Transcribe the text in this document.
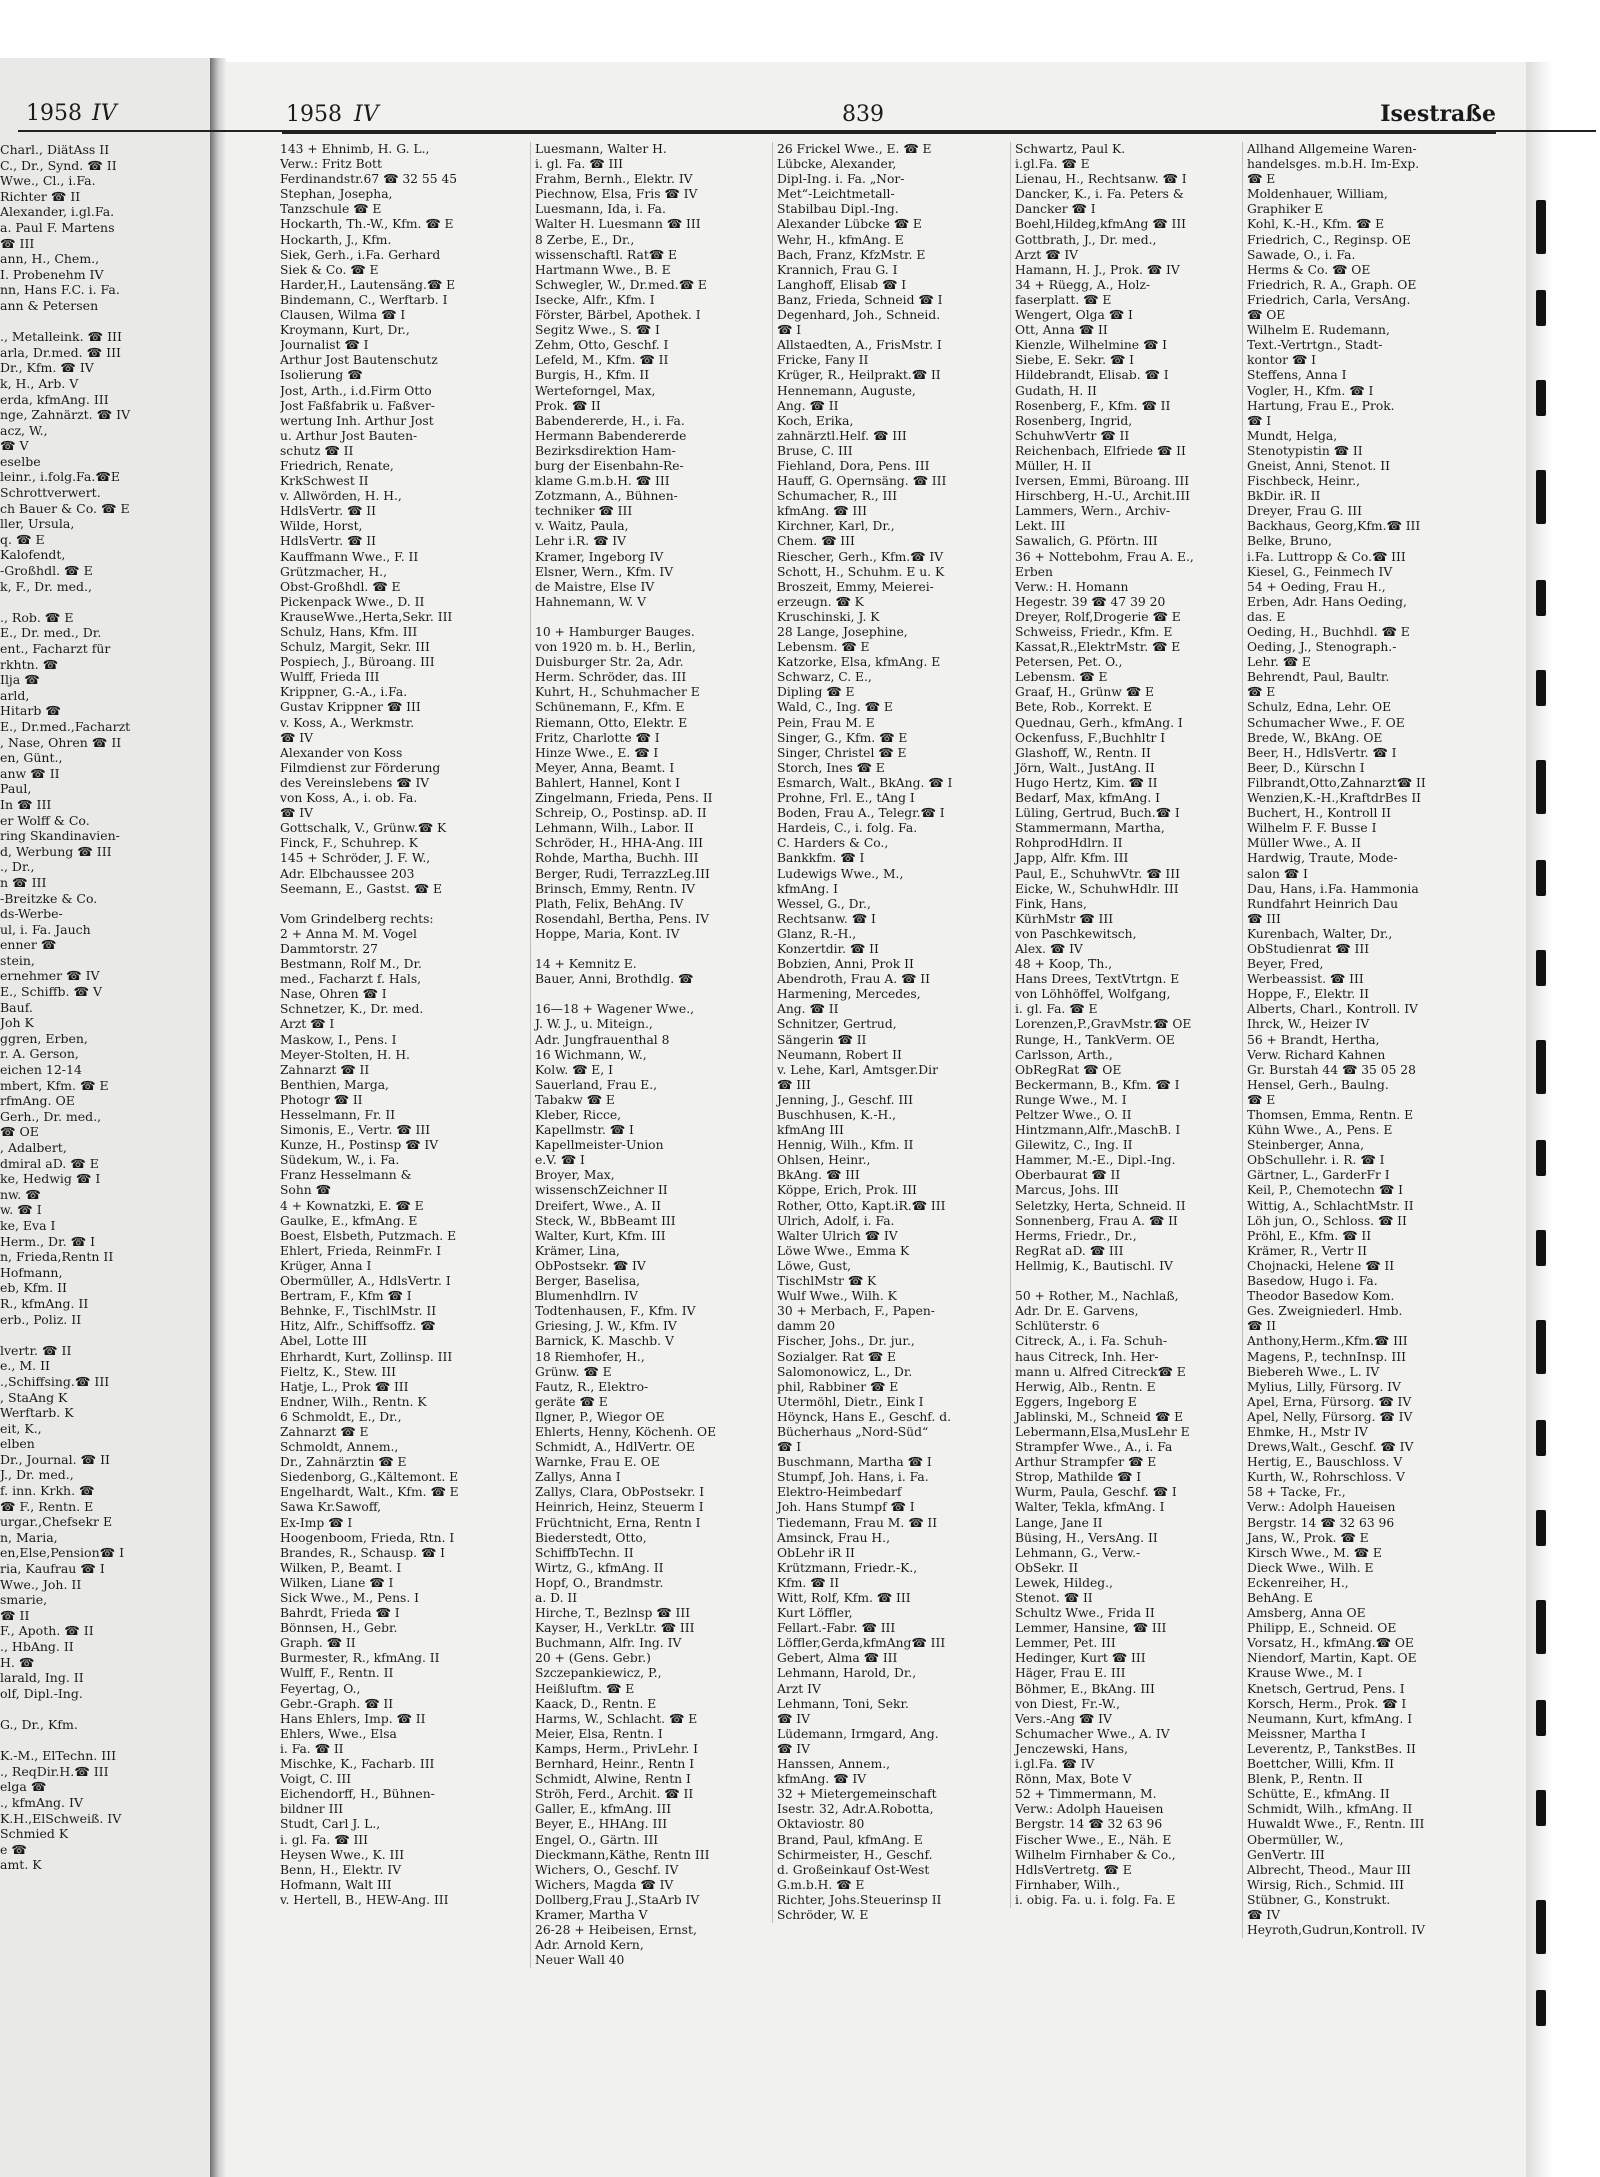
1958 IV	839	Isestraße
143 + Ehnimb, H. G. L.,
Verw.: Fritz Bott
Ferdinandstr.67 ☎ 32 55 45
Stephan, Josepha,
Tanzschule ☎ E
Hockarth, Th.-W., Kfm. ☎ E
Hockarth, J., Kfm.
Siek, Gerh., i.Fa. Gerhard
Siek & Co. ☎ E
Harder,H., Lautensäng.☎ E
Bindemann, C., Werftarb. I
Clausen, Wilma ☎ I
Kroymann, Kurt, Dr.,
Journalist ☎ I
Arthur Jost Bautenschutz
Isolierung ☎
Jost, Arth., i.d.Firm Otto
Jost Faßfabrik u. Faßver-
wertung Inh. Arthur Jost
u. Arthur Jost Bauten-
schutz ☎ II
Friedrich, Renate,
KrkSchwest II
v. Allwörden, H. H.,
HdlsVertr. ☎ II
Wilde, Horst,
HdlsVertr. ☎ II
Kauffmann Wwe., F. II
Grützmacher, H.,
Obst-Großhdl. ☎ E
Pickenpack Wwe., D. II
KrauseWwe.,Herta,Sekr. III
Schulz, Hans, Kfm. III
Schulz, Margit, Sekr. III
Pospiech, J., Büroang. III
Wulff, Frieda III
Krippner, G.-A., i.Fa.
Gustav Krippner ☎ III
v. Koss, A., Werkmstr.
☎ IV
Alexander von Koss
Filmdienst zur Förderung
des Vereinslebens ☎ IV
von Koss, A., i. ob. Fa.
☎ IV
Gottschalk, V., Grünw.☎ K
Finck, F., Schuhrep. K
145 + Schröder, J. F. W.,
Adr. Elbchaussee 203
Seemann, E., Gastst. ☎ E
Vom Grindelberg rechts:
2 + Anna M. M. Vogel
Dammtorstr. 27
Bestmann, Rolf M., Dr.
med., Facharzt f. Hals,
Nase, Ohren ☎ I
Schnetzer, K., Dr. med.
Arzt ☎ I
Maskow, I., Pens. I
Meyer-Stolten, H. H.
Zahnarzt ☎ II
Benthien, Marga,
Photogr ☎ II
Hesselmann, Fr. II
Simonis, E., Vertr. ☎ III
Kunze, H., Postinsp ☎ IV
Südekum, W., i. Fa.
Franz Hesselmann &
Sohn ☎
4 + Kownatzki, E. ☎ E
Gaulke, E., kfmAng. E
Boest, Elsbeth, Putzmach. E
Ehlert, Frieda, ReinmFr. I
Krüger, Anna I
Obermüller, A., HdlsVertr. I
Bertram, F., Kfm ☎ I
Behnke, F., TischlMstr. II
Hitz, Alfr., Schiffsoffz. ☎
Abel, Lotte III
Ehrhardt, Kurt, Zollinsp. III
Fieltz, K., Stew. III
Hatje, L., Prok ☎ III
Endner, Wilh., Rentn. K
6 Schmoldt, E., Dr.,
Zahnarzt ☎ E
Schmoldt, Annem.,
Dr., Zahnärztin ☎ E
Siedenborg, G.,Kältemont. E
Engelhardt, Walt., Kfm. ☎ E
Sawa Kr.Sawoff,
Ex-Imp ☎ I
Hoogenboom, Frieda, Rtn. I
Brandes, R., Schausp. ☎ I
Wilken, P., Beamt. I
Wilken, Liane ☎ I
Sick Wwe., M., Pens. I
Bahrdt, Frieda ☎ I
Bönnsen, H., Gebr.
Graph. ☎ II
Burmester, R., kfmAng. II
Wulff, F., Rentn. II
Feyertag, O.,
Gebr.-Graph. ☎ II
Hans Ehlers, Imp. ☎ II
Ehlers, Wwe., Elsa
i. Fa. ☎ II
Mischke, K., Facharb. III
Voigt, C. III
Eichendorff, H., Bühnen-
bildner III
Studt, Carl J. L.,
i. gl. Fa. ☎ III
Heysen Wwe., K. III
Benn, H., Elektr. IV
Hofmann, Walt III
v. Hertell, B., HEW-Ang. III
Luesmann, Walter H.
i. gl. Fa. ☎ III
Frahm, Bernh., Elektr. IV
Piechnow, Elsa, Fris ☎ IV
Luesmann, Ida, i. Fa.
Walter H. Luesmann ☎ III
8 Zerbe, E., Dr.,
wissenschaftl. Rat☎ E
Hartmann Wwe., B. E
Schwegler, W., Dr.med.☎ E
Isecke, Alfr., Kfm. I
Förster, Bärbel, Apothek. I
Segitz Wwe., S. ☎ I
Zehm, Otto, Geschf. I
Lefeld, M., Kfm. ☎ II
Burgis, H., Kfm. II
Werteforngel, Max,
Prok. ☎ II
Babendererde, H., i. Fa.
Hermann Babendererde
Bezirksdirektion Ham-
burg der Eisenbahn-Re-
klame G.m.b.H. ☎ III
Zotzmann, A., Bühnen-
techniker ☎ III
v. Waitz, Paula,
Lehr i.R. ☎ IV
Kramer, Ingeborg IV
Elsner, Wern., Kfm. IV
de Maistre, Else IV
Hahnemann, W. V
10 + Hamburger Bauges.
von 1920 m. b. H., Berlin,
Duisburger Str. 2a, Adr.
Herm. Schröder, das. III
Kuhrt, H., Schuhmacher E
Schünemann, F., Kfm. E
Riemann, Otto, Elektr. E
Fritz, Charlotte ☎ I
Hinze Wwe., E. ☎ I
Meyer, Anna, Beamt. I
Bahlert, Hannel, Kont I
Zingelmann, Frieda, Pens. II
Schreip, O., Postinsp. aD. II
Lehmann, Wilh., Labor. II
Schröder, H., HHA-Ang. III
Rohde, Martha, Buchh. III
Berger, Rudi, TerrazzLeg.III
Brinsch, Emmy, Rentn. IV
Plath, Felix, BehAng. IV
Rosendahl, Bertha, Pens. IV
Hoppe, Maria, Kont. IV
14 + Kemnitz E.
Bauer, Anni, Brothdlg. ☎
16—18 + Wagener Wwe.,
J. W. J., u. Miteign.,
Adr. Jungfrauenthal 8
16 Wichmann, W.,
Kolw. ☎ E, I
Sauerland, Frau E.,
Tabakw ☎ E
Kleber, Ricce,
Kapellmstr. ☎ I
Kapellmeister-Union
e.V. ☎ I
Broyer, Max,
wissenschZeichner II
Dreifert, Wwe., A. II
Steck, W., BbBeamt III
Walter, Kurt, Kfm. III
Krämer, Lina,
ObPostsekr. ☎ IV
Berger, Baselisa,
Blumenhdlrn. IV
Todtenhausen, F., Kfm. IV
Griesing, J. W., Kfm. IV
Barnick, K. Maschb. V
18 Riemhofer, H.,
Grünw. ☎ E
Fautz, R., Elektro-
geräte ☎ E
Ilgner, P., Wiegor OE
Ehlerts, Henny, Köchenh. OE
Schmidt, A., HdlVertr. OE
Warnke, Frau E. OE
Zallys, Anna I
Zallys, Clara, ObPostsekr. I
Heinrich, Heinz, Steuerm I
Früchtnicht, Erna, Rentn I
Biederstedt, Otto,
SchiffbTechn. II
Wirtz, G., kfmAng. II
Hopf, O., Brandmstr.
a. D. II
Hirche, T., Bezlnsp ☎ III
Kayser, H., VerkLtr. ☎ III
Buchmann, Alfr. Ing. IV
20 + (Gens. Gebr.)
Szczepankiewicz, P.,
Heißluftm. ☎ E
Kaack, D., Rentn. E
Harms, W., Schlacht. ☎ E
Meier, Elsa, Rentn. I
Kamps, Herm., PrivLehr. I
Bernhard, Heinr., Rentn I
Schmidt, Alwine, Rentn I
Ströh, Ferd., Archit. ☎ II
Galler, E., kfmAng. III
Beyer, E., HHAng. III
Engel, O., Gärtn. III
Dieckmann,Käthe, Rentn III
Wichers, O., Geschf. IV
Wichers, Magda ☎ IV
Dollberg,Frau J.,StaArb IV
Kramer, Martha V
26-28 + Heibeisen, Ernst,
Adr. Arnold Kern,
Neuer Wall 40
26 Frickel Wwe., E. ☎ E
Lübcke, Alexander,
Dipl-Ing. i. Fa. „Nor-
Met“-Leichtmetall-
Stabilbau Dipl.-Ing.
Alexander Lübcke ☎ E
Wehr, H., kfmAng. E
Bach, Franz, KfzMstr. E
Krannich, Frau G. I
Langhoff, Elisab ☎ I
Banz, Frieda, Schneid ☎ I
Degenhard, Joh., Schneid.
☎ I
Allstaedten, A., FrisMstr. I
Fricke, Fany II
Krüger, R., Heilprakt.☎ II
Hennemann, Auguste,
Ang. ☎ II
Koch, Erika,
zahnärztl.Helf. ☎ III
Bruse, C. III
Fiehland, Dora, Pens. III
Hauff, G. Opernsäng. ☎ III
Schumacher, R., III
kfmAng. ☎ III
Kirchner, Karl, Dr.,
Chem. ☎ III
Riescher, Gerh., Kfm.☎ IV
Schott, H., Schuhm. E u. K
Broszeit, Emmy, Meierei-
erzeugn. ☎ K
Kruschinski, J. K
28 Lange, Josephine,
Lebensm. ☎ E
Katzorke, Elsa, kfmAng. E
Schwarz, C. E.,
Dipling ☎ E
Wald, C., Ing. ☎ E
Pein, Frau M. E
Singer, G., Kfm. ☎ E
Singer, Christel ☎ E
Storch, Ines ☎ E
Esmarch, Walt., BkAng. ☎ I
Prohne, Frl. E., tAng I
Boden, Frau A., Telegr.☎ I
Hardeis, C., i. folg. Fa.
C. Harders & Co.,
Bankkfm. ☎ I
Ludewigs Wwe., M.,
kfmAng. I
Wessel, G., Dr.,
Rechtsanw. ☎ I
Glanz, R.-H.,
Konzertdir. ☎ II
Bobzien, Anni, Prok II
Abendroth, Frau A. ☎ II
Harmening, Mercedes,
Ang. ☎ II
Schnitzer, Gertrud,
Sängerin ☎ II
Neumann, Robert II
v. Lehe, Karl, Amtsger.Dir
☎ III
Jenning, J., Geschf. III
Buschhusen, K.-H.,
kfmAng III
Hennig, Wilh., Kfm. II
Ohlsen, Heinr.,
BkAng. ☎ III
Köppe, Erich, Prok. III
Rother, Otto, Kapt.iR.☎ III
Ulrich, Adolf, i. Fa.
Walter Ulrich ☎ IV
Löwe Wwe., Emma K
Löwe, Gust,
TischlMstr ☎ K
Wulf Wwe., Wilh. K
30 + Merbach, F., Papen-
damm 20
Fischer, Johs., Dr. jur.,
Sozialger. Rat ☎ E
Salomonowicz, L., Dr.
phil, Rabbiner ☎ E
Utermöhl, Dietr., Eink I
Höynck, Hans E., Geschf. d.
Bücherhaus „Nord-Süd“
☎ I
Buschmann, Martha ☎ I
Stumpf, Joh. Hans, i. Fa.
Elektro-Heimbedarf
Joh. Hans Stumpf ☎ I
Tiedemann, Frau M. ☎ II
Amsinck, Frau H.,
ObLehr iR II
Krützmann, Friedr.-K.,
Kfm. ☎ II
Witt, Rolf, Kfm. ☎ III
Kurt Löffler,
Fellart.-Fabr. ☎ III
Löffler,Gerda,kfmAng☎ III
Gebert, Alma ☎ III
Lehmann, Harold, Dr.,
Arzt IV
Lehmann, Toni, Sekr.
☎ IV
Lüdemann, Irmgard, Ang.
☎ IV
Hanssen, Annem.,
kfmAng. ☎ IV
32 + Mietergemeinschaft
Isestr. 32, Adr.A.Robotta,
Oktaviostr. 80
Brand, Paul, kfmAng. E
Schirmeister, H., Geschf.
d. Großeinkauf Ost-West
G.m.b.H. ☎ E
Richter, Johs.Steuerinsp II
Schröder, W. E
Schwartz, Paul K.
i.gl.Fa. ☎ E
Lienau, H., Rechtsanw. ☎ I
Dancker, K., i. Fa. Peters &
Dancker ☎ I
Boehl,Hildeg,kfmAng ☎ III
Gottbrath, J., Dr. med.,
Arzt ☎ IV
Hamann, H. J., Prok. ☎ IV
34 + Rüegg, A., Holz-
faserplatt. ☎ E
Wengert, Olga ☎ I
Ott, Anna ☎ II
Kienzle, Wilhelmine ☎ I
Siebe, E. Sekr. ☎ I
Hildebrandt, Elisab. ☎ I
Gudath, H. II
Rosenberg, F., Kfm. ☎ II
Rosenberg, Ingrid,
SchuhwVertr ☎ II
Reichenbach, Elfriede ☎ II
Müller, H. II
Iversen, Emmi, Büroang. III
Hirschberg, H.-U., Archit.III
Lammers, Wern., Archiv-
Lekt. III
Sawalich, G. Pförtn. III
36 + Nottebohm, Frau A. E.,
Erben
Verw.: H. Homann
Hegestr. 39 ☎ 47 39 20
Dreyer, Rolf,Drogerie ☎ E
Schweiss, Friedr., Kfm. E
Kassat,R.,ElektrMstr. ☎ E
Petersen, Pet. O.,
Lebensm. ☎ E
Graaf, H., Grünw ☎ E
Bete, Rob., Korrekt. E
Quednau, Gerh., kfmAng. I
Ockenfuss, F.,Buchhltr I
Glashoff, W., Rentn. II
Jörn, Walt., JustAng. II
Hugo Hertz, Kim. ☎ II
Bedarf, Max, kfmAng. I
Lüling, Gertrud, Buch.☎ I
Stammermann, Martha,
RohprodHdlrn. II
Japp, Alfr. Kfm. III
Paul, E., SchuhwVtr. ☎ III
Eicke, W., SchuhwHdlr. III
Fink, Hans,
KürhMstr ☎ III
von Paschkewitsch,
Alex. ☎ IV
48 + Koop, Th.,
Hans Drees, TextVtrtgn. E
von Löhhöffel, Wolfgang,
i. gl. Fa. ☎ E
Lorenzen,P.,GravMstr.☎ OE
Runge, H., TankVerm. OE
Carlsson, Arth.,
ObRegRat ☎ OE
Beckermann, B., Kfm. ☎ I
Runge Wwe., M. I
Peltzer Wwe., O. II
Hintzmann,Alfr.,MaschB. I
Gilewitz, C., Ing. II
Hammer, M.-E., Dipl.-Ing.
Oberbaurat ☎ II
Marcus, Johs. III
Seletzky, Herta, Schneid. II
Sonnenberg, Frau A. ☎ II
Herms, Friedr., Dr.,
RegRat aD. ☎ III
Hellmig, K., Bautischl. IV
50 + Rother, M., Nachlaß,
Adr. Dr. E. Garvens,
Schlüterstr. 6
Citreck, A., i. Fa. Schuh-
haus Citreck, Inh. Her-
mann u. Alfred Citreck☎ E
Herwig, Alb., Rentn. E
Eggers, Ingeborg E
Jablinski, M., Schneid ☎ E
Lebermann,Elsa,MusLehr E
Strampfer Wwe., A., i. Fa
Arthur Strampfer ☎ E
Strop, Mathilde ☎ I
Wurm, Paula, Geschf. ☎ I
Walter, Tekla, kfmAng. I
Lange, Jane II
Büsing, H., VersAng. II
Lehmann, G., Verw.-
ObSekr. II
Lewek, Hildeg.,
Stenot. ☎ II
Schultz Wwe., Frida II
Lemmer, Hansine, ☎ III
Lemmer, Pet. III
Hedinger, Kurt ☎ III
Häger, Frau E. III
Böhmer, E., BkAng. III
von Diest, Fr.-W.,
Vers.-Ang ☎ IV
Schumacher Wwe., A. IV
Jenczewski, Hans,
i.gl.Fa. ☎ IV
Rönn, Max, Bote V
52 + Timmermann, M.
Verw.: Adolph Haueisen
Bergstr. 14 ☎ 32 63 96
Fischer Wwe., E., Näh. E
Wilhelm Firnhaber & Co.,
HdlsVertretg. ☎ E
Firnhaber, Wilh.,
i. obig. Fa. u. i. folg. Fa. E
Allhand Allgemeine Waren-
handelsges. m.b.H. Im-Exp.
☎ E
Moldenhauer, William,
Graphiker E
Kohl, K.-H., Kfm. ☎ E
Friedrich, C., Reginsp. OE
Sawade, O., i. Fa.
Herms & Co. ☎ OE
Friedrich, R. A., Graph. OE
Friedrich, Carla, VersAng.
☎ OE
Wilhelm E. Rudemann,
Text.-Vertrtgn., Stadt-
kontor ☎ I
Steffens, Anna I
Vogler, H., Kfm. ☎ I
Hartung, Frau E., Prok.
☎ I
Mundt, Helga,
Stenotypistin ☎ II
Gneist, Anni, Stenot. II
Fischbeck, Heinr.,
BkDir. iR. II
Dreyer, Frau G. III
Backhaus, Georg,Kfm.☎ III
Belke, Bruno,
i.Fa. Luttropp & Co.☎ III
Kiesel, G., Feinmech IV
54 + Oeding, Frau H.,
Erben, Adr. Hans Oeding,
das. E
Oeding, H., Buchhdl. ☎ E
Oeding, J., Stenograph.-
Lehr. ☎ E
Behrendt, Paul, Baultr.
☎ E
Schulz, Edna, Lehr. OE
Schumacher Wwe., F. OE
Brede, W., BkAng. OE
Beer, H., HdlsVertr. ☎ I
Beer, D., Kürschn I
Filbrandt,Otto,Zahnarzt☎ II
Wenzien,K.-H.,KraftdrBes II
Buchert, H., Kontroll II
Wilhelm F. F. Busse I
Müller Wwe., A. II
Hardwig, Traute, Mode-
salon ☎ I
Dau, Hans, i.Fa. Hammonia
Rundfahrt Heinrich Dau
☎ III
Kurenbach, Walter, Dr.,
ObStudienrat ☎ III
Beyer, Fred,
Werbeassist. ☎ III
Hoppe, F., Elektr. II
Alberts, Charl., Kontroll. IV
Ihrck, W., Heizer IV
56 + Brandt, Hertha,
Verw. Richard Kahnen
Gr. Burstah 44 ☎ 35 05 28
Hensel, Gerh., Baulng.
☎ E
Thomsen, Emma, Rentn. E
Kühn Wwe., A., Pens. E
Steinberger, Anna,
ObSchullehr. i. R. ☎ I
Gärtner, L., GarderFr I
Keil, P., Chemotechn ☎ I
Wittig, A., SchlachtMstr. II
Löh jun, O., Schloss. ☎ II
Pröhl, E., Kfm. ☎ II
Krämer, R., Vertr II
Chojnacki, Helene ☎ II
Basedow, Hugo i. Fa.
Theodor Basedow Kom.
Ges. Zweigniederl. Hmb.
☎ II
Anthony,Herm.,Kfm.☎ III
Magens, P., technInsp. III
Biebereh Wwe., L. IV
Mylius, Lilly, Fürsorg. IV
Apel, Erna, Fürsorg. ☎ IV
Apel, Nelly, Fürsorg. ☎ IV
Ehmke, H., Mstr IV
Drews,Walt., Geschf. ☎ IV
Hertig, E., Bauschloss. V
Kurth, W., Rohrschloss. V
58 + Tacke, Fr.,
Verw.: Adolph Haueisen
Bergstr. 14 ☎ 32 63 96
Jans, W., Prok. ☎ E
Kirsch Wwe., M. ☎ E
Dieck Wwe., Wilh. E
Eckenreiher, H.,
BehAng. E
Amsberg, Anna OE
Philipp, E., Schneid. OE
Vorsatz, H., kfmAng.☎ OE
Niendorf, Martin, Kapt. OE
Krause Wwe., M. I
Knetsch, Gertrud, Pens. I
Korsch, Herm., Prok. ☎ I
Neumann, Kurt, kfmAng. I
Meissner, Martha I
Leverentz, P., TankstBes. II
Boettcher, Willi, Kfm. II
Blenk, P., Rentn. II
Schütte, E., kfmAng. II
Schmidt, Wilh., kfmAng. II
Huwaldt Wwe., F., Rentn. III
Obermüller, W.,
GenVertr. III
Albrecht, Theod., Maur III
Wirsig, Rich., Schmid. III
Stübner, G., Konstrukt.
☎ IV
Heyroth,Gudrun,Kontroll. IV
1958 IV
Charl., DiätAss II
C., Dr., Synd. ☎ II
Wwe., Cl., i.Fa.
Richter ☎ II
Alexander, i.gl.Fa.
a. Paul F. Martens
☎ III
ann, H., Chem.,
I. Probenehm IV
nn, Hans F.C. i. Fa.
ann & Petersen
., Metalleink. ☎ III
arla, Dr.med. ☎ III
Dr., Kfm. ☎ IV
k, H., Arb. V
erda, kfmAng. III
nge, Zahnärzt. ☎ IV
acz, W.,
☎ V
eselbe
leinr., i.folg.Fa.☎E
Schrottverwert.
ch Bauer & Co. ☎ E
ller, Ursula,
q. ☎ E
Kalofendt,
-Großhdl. ☎ E
k, F., Dr. med.,
., Rob. ☎ E
E., Dr. med., Dr.
ent., Facharzt für
rkhtn. ☎
Ilja ☎
arld,
Hitarb ☎
E., Dr.med.,Facharzt
, Nase, Ohren ☎ II
en, Günt.,
anw ☎ II
Paul,
In ☎ III
er Wolff & Co.
ring Skandinavien-
d, Werbung ☎ III
., Dr.,
n ☎ III
-Breitzke & Co.
ds-Werbe-
ul, i. Fa. Jauch
enner ☎
stein,
ernehmer ☎ IV
E., Schiffb. ☎ V
Bauf.
Joh K
ggren, Erben,
r. A. Gerson,
eichen 12-14
mbert, Kfm. ☎ E
rfmAng. OE
Gerh., Dr. med.,
☎ OE
, Adalbert,
dmiral aD. ☎ E
ke, Hedwig ☎ I
nw. ☎
w. ☎ I
ke, Eva I
Herm., Dr. ☎ I
n, Frieda,Rentn II
Hofmann,
eb, Kfm. II
R., kfmAng. II
erb., Poliz. II
lvertr. ☎ II
e., M. II
.,Schiffsing.☎ III
, StaAng K
Werftarb. K
eit, K.,
elben
Dr., Journal. ☎ II
J., Dr. med.,
f. inn. Krkh. ☎
☎ F., Rentn. E
urgar.,Chefsekr E
n, Maria,
en,Else,Pension☎ I
ria, Kaufrau ☎ I
Wwe., Joh. II
smarie,
☎ II
F., Apoth. ☎ II
., HbAng. II
H. ☎
larald, Ing. II
olf, Dipl.-Ing.
G., Dr., Kfm.
K.-M., ElTechn. III
., ReqDir.H.☎ III
elga ☎
., kfmAng. IV
K.H.,ElSchweiß. IV
Schmied K
e ☎
amt. K
